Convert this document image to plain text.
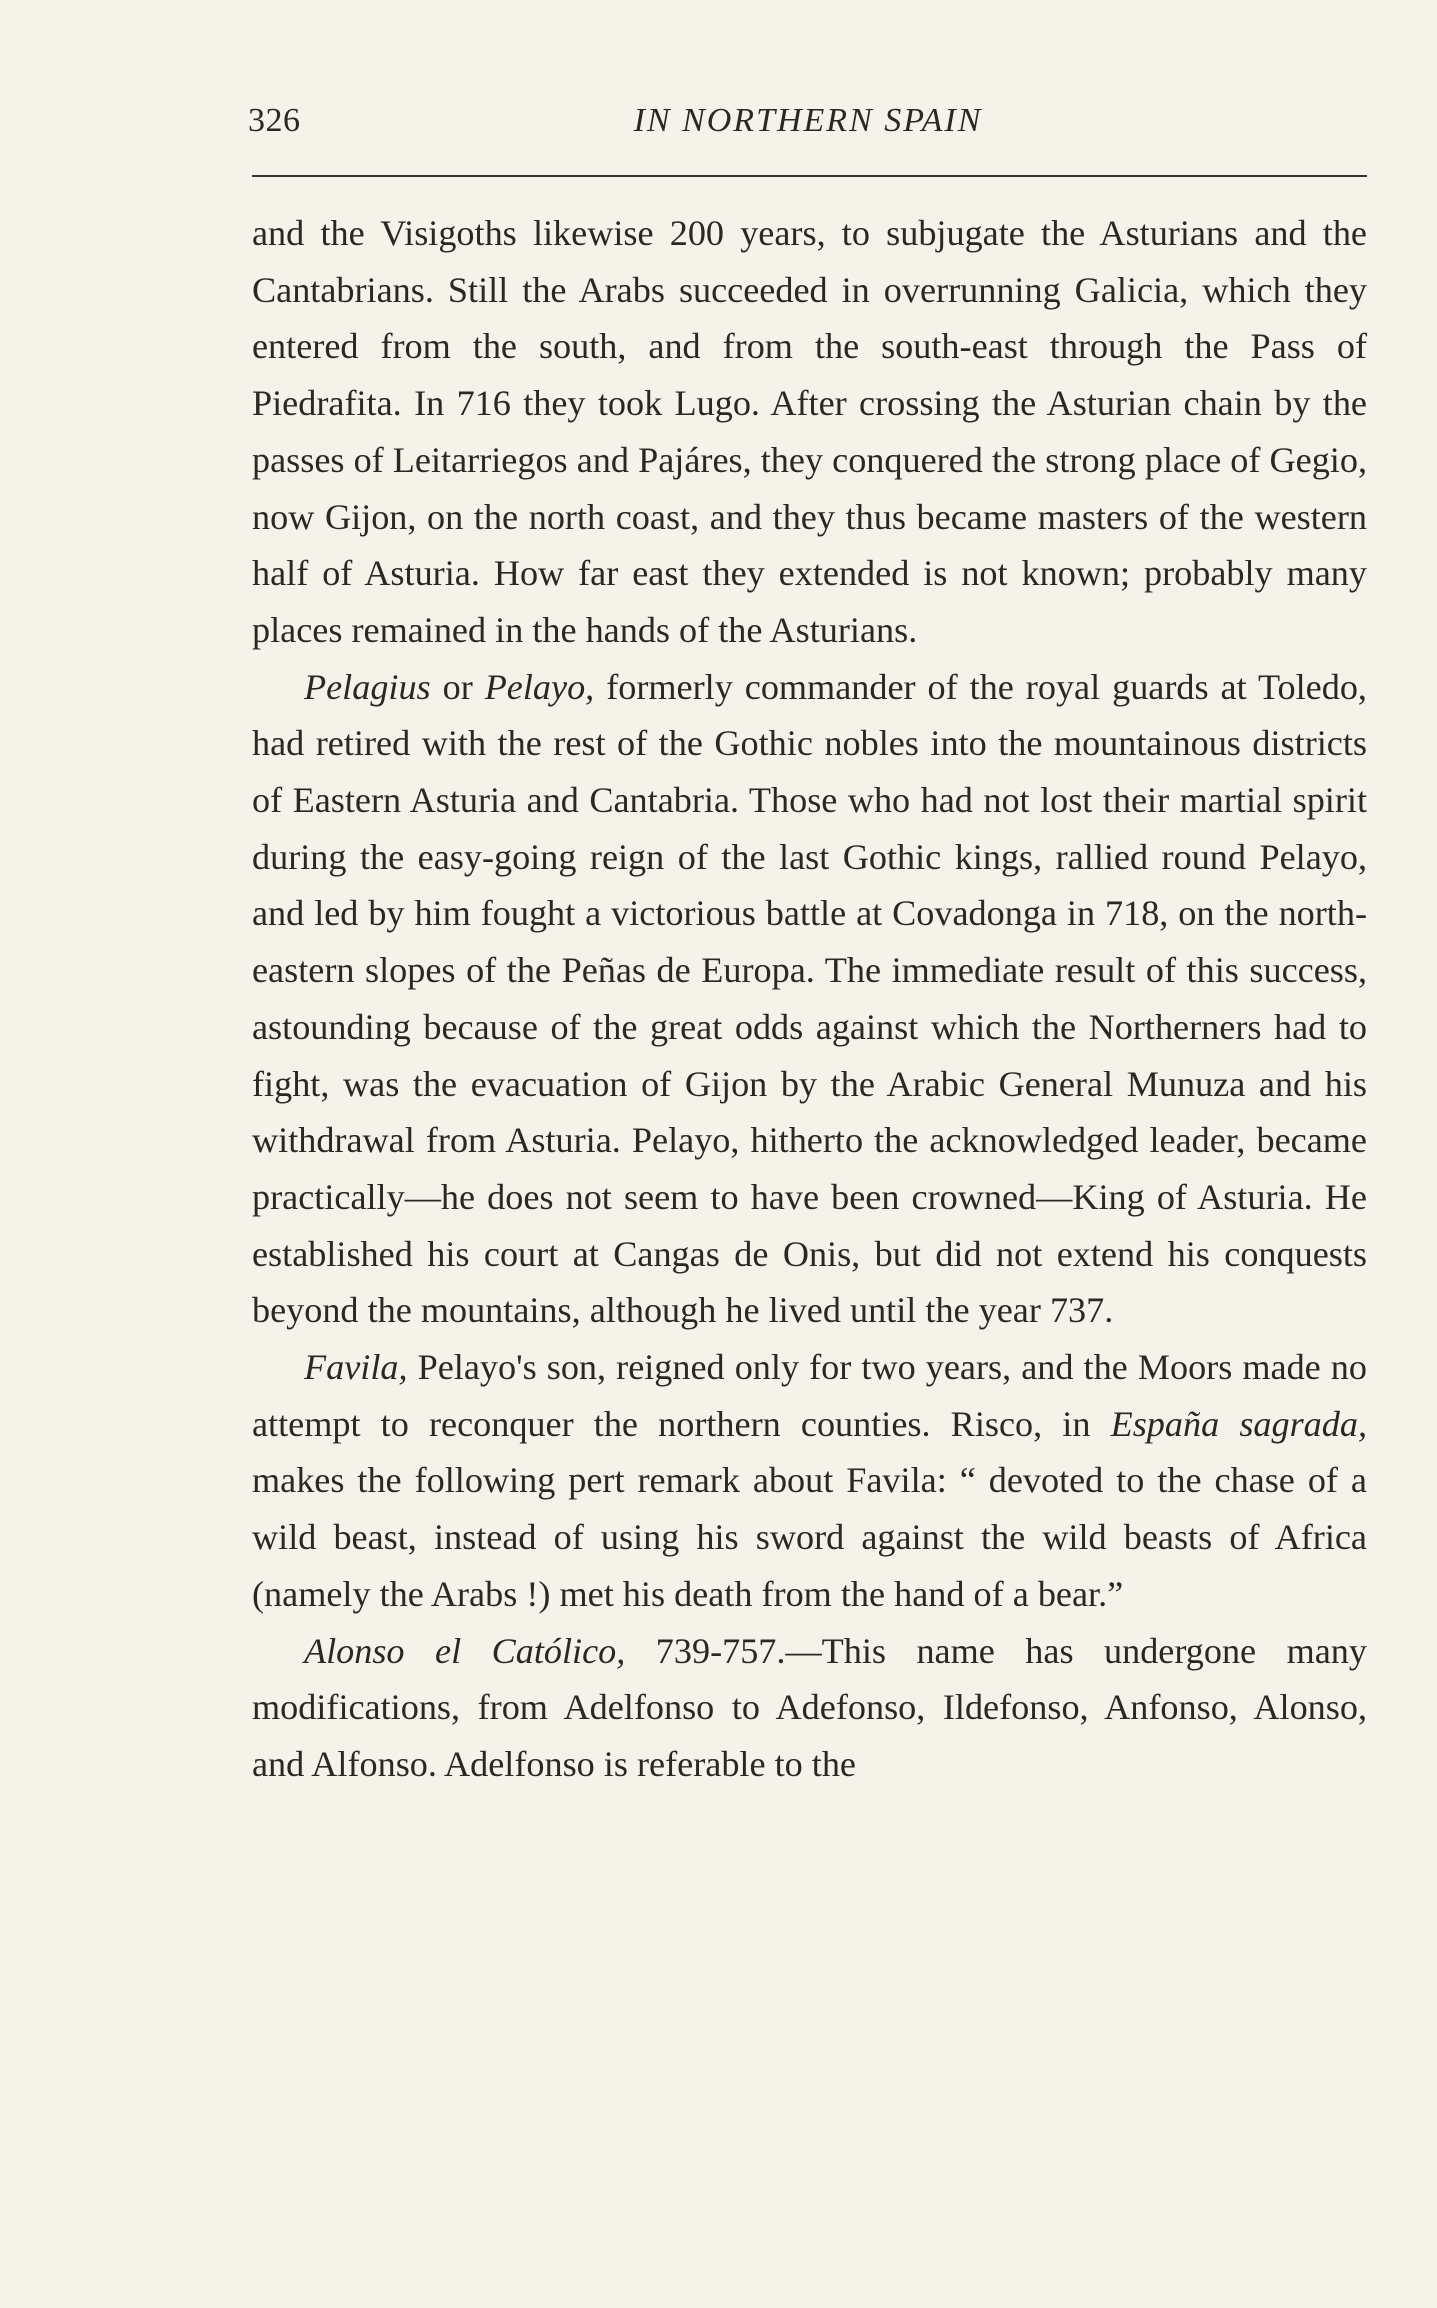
326	IN NORTHERN SPAIN

and the Visigoths likewise 200 years, to subjugate the Asturians and the Cantabrians. Still the Arabs succeeded in overrunning Galicia, which they entered from the south, and from the south-east through the Pass of Piedrafita. In 716 they took Lugo. After crossing the Asturian chain by the passes of Leitarriegos and Pajáres, they conquered the strong place of Gegio, now Gijon, on the north coast, and they thus became masters of the western half of Asturia. How far east they extended is not known; probably many places remained in the hands of the Asturians.

Pelagius or Pelayo, formerly commander of the royal guards at Toledo, had retired with the rest of the Gothic nobles into the mountainous districts of Eastern Asturia and Cantabria. Those who had not lost their martial spirit during the easy-going reign of the last Gothic kings, rallied round Pelayo, and led by him fought a victorious battle at Covadonga in 718, on the north-eastern slopes of the Peñas de Europa. The immediate result of this success, astounding because of the great odds against which the Northerners had to fight, was the evacuation of Gijon by the Arabic General Munuza and his withdrawal from Asturia. Pelayo, hitherto the acknowledged leader, became practically—he does not seem to have been crowned—King of Asturia. He established his court at Cangas de Onis, but did not extend his conquests beyond the mountains, although he lived until the year 737.

Favila, Pelayo's son, reigned only for two years, and the Moors made no attempt to reconquer the northern counties. Risco, in España sagrada, makes the following pert remark about Favila: “ devoted to the chase of a wild beast, instead of using his sword against the wild beasts of Africa (namely the Arabs !) met his death from the hand of a bear.”

Alonso el Católico, 739-757.—This name has undergone many modifications, from Adelfonso to Adefonso, Ildefonso, Anfonso, Alonso, and Alfonso. Adelfonso is referable to the
